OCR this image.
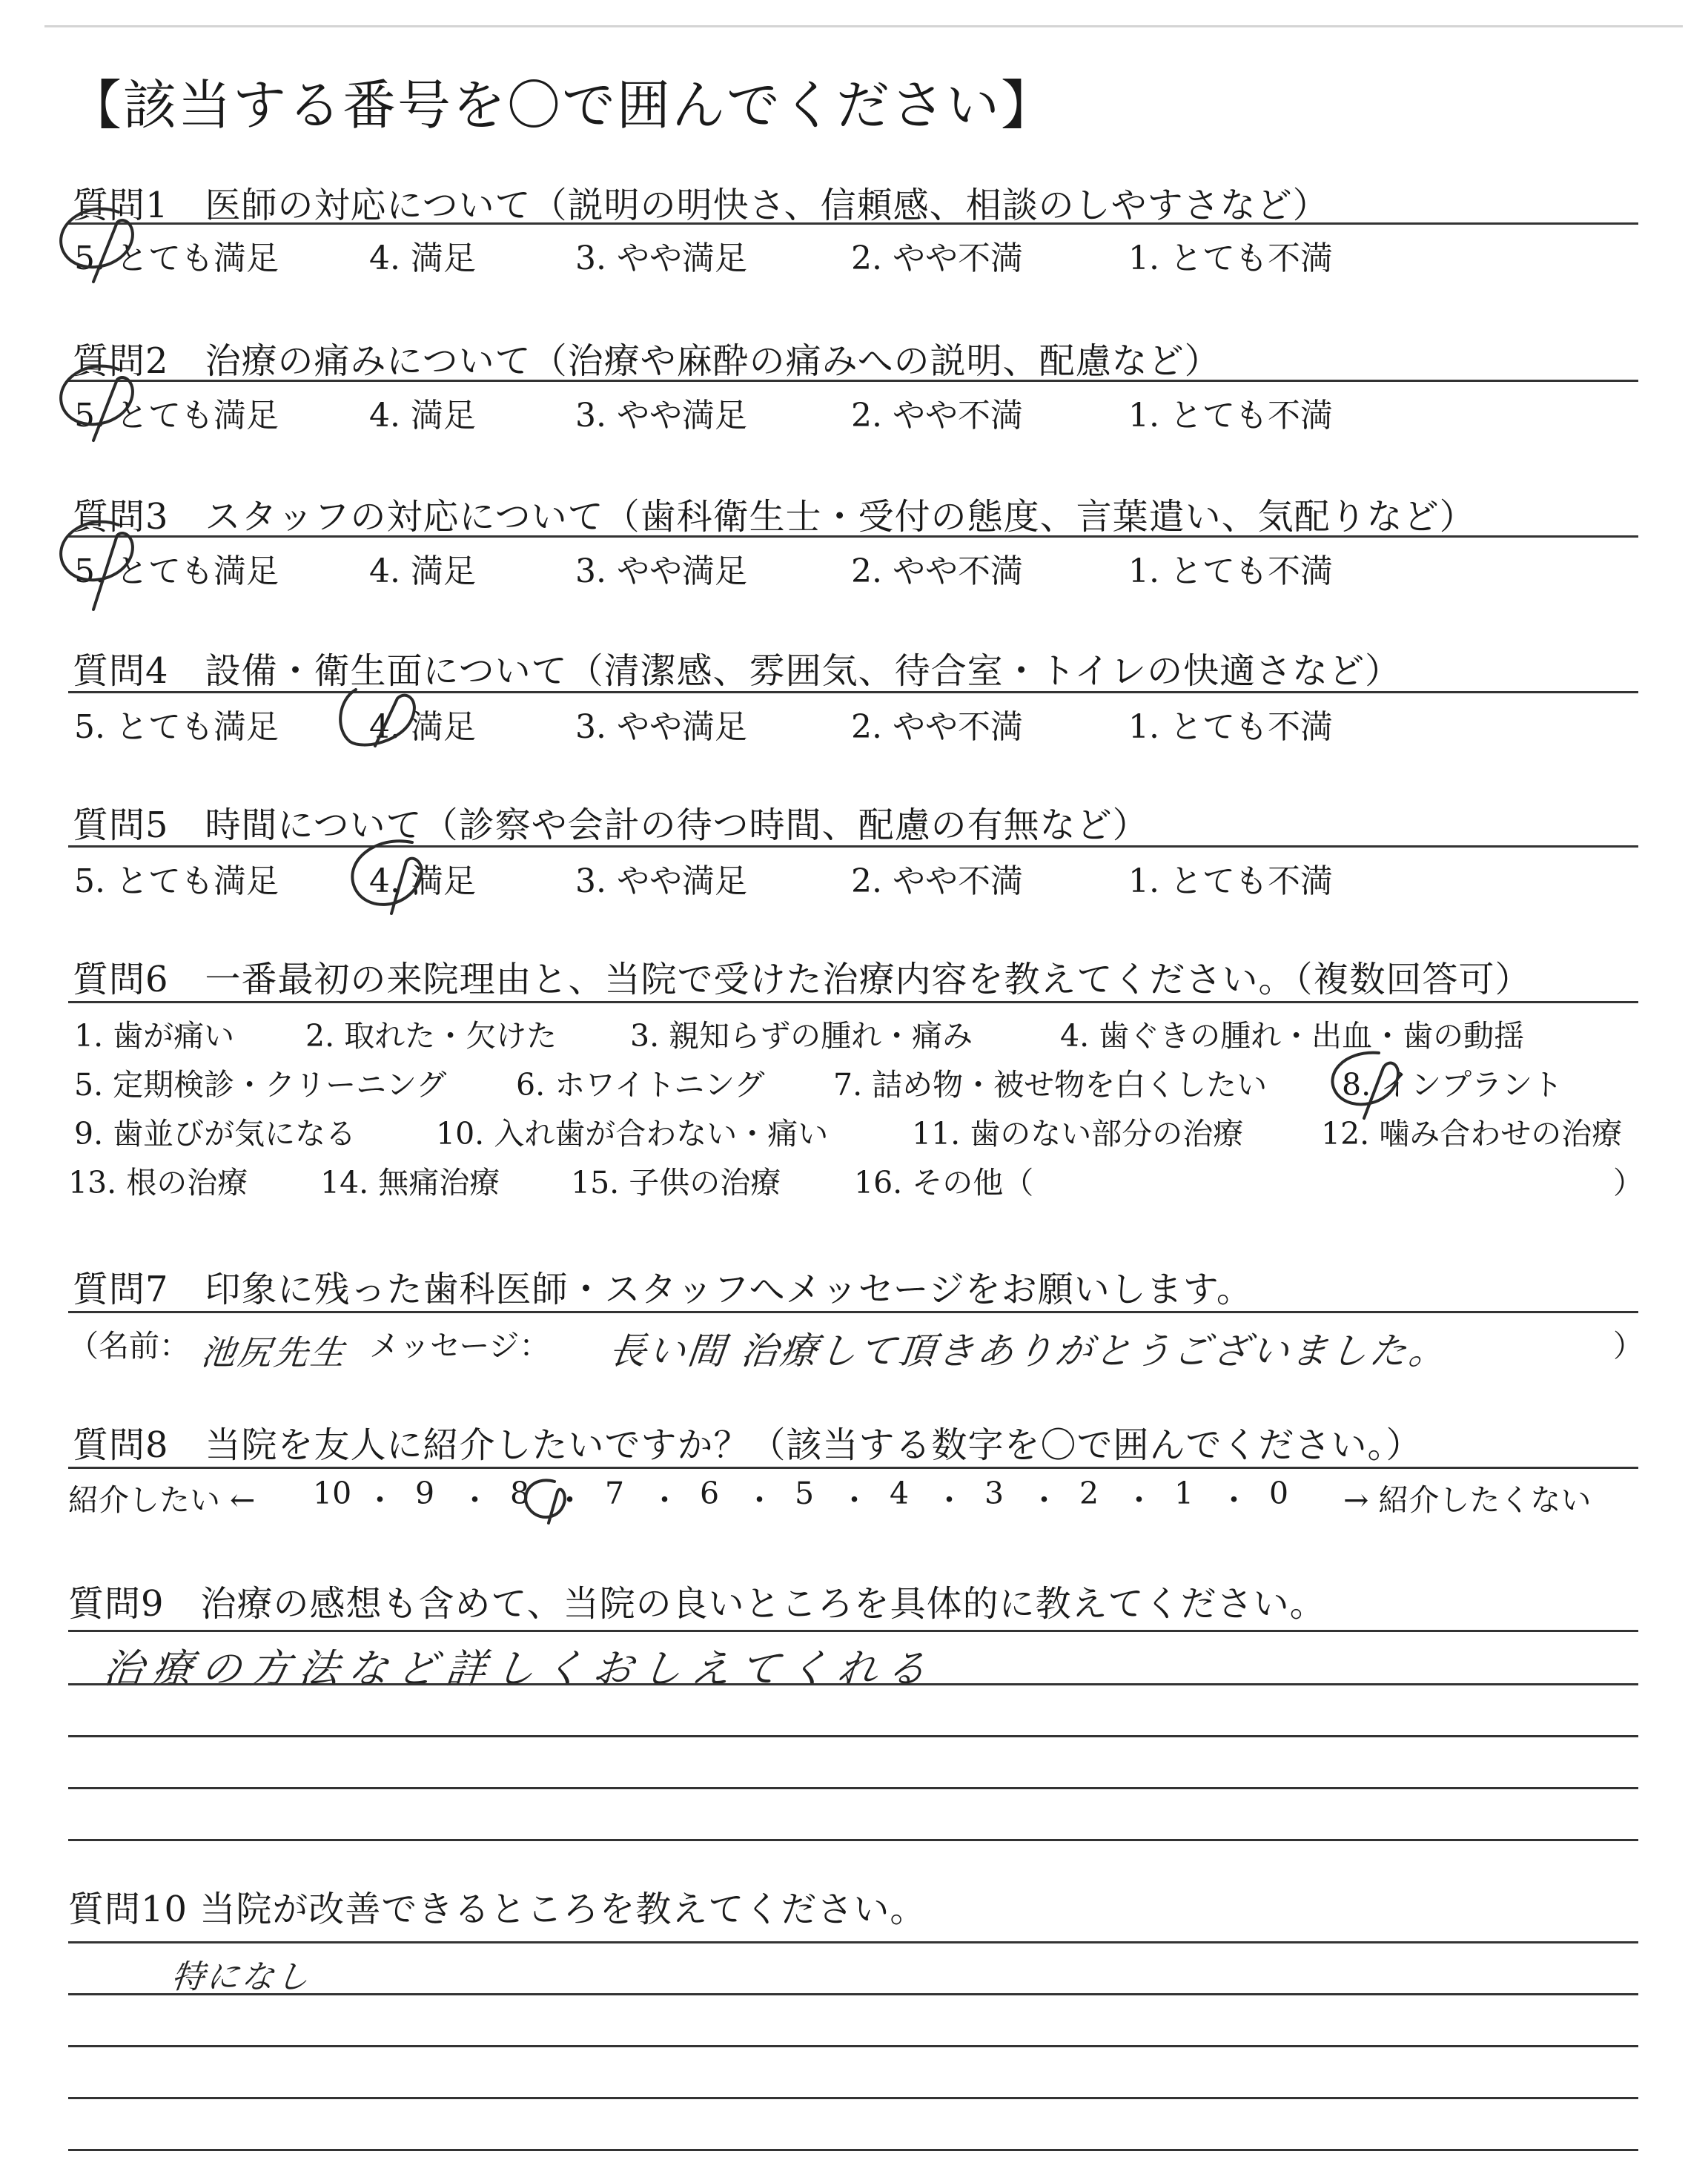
【該当する番号を〇で囲んでください】
質問1　医師の対応について（説明の明快さ、信頼感、相談のしやすさなど）
5. とても満足	4. 満足	3. やや満足	2. やや不満	1. とても不満
質問2　治療の痛みについて（治療や麻酔の痛みへの説明、配慮など）
5. とても満足	4. 満足	3. やや満足	2. やや不満	1. とても不満
質問3　スタッフの対応について（歯科衛生士・受付の態度、言葉遣い、気配りなど）
5. とても満足	4. 満足	3. やや満足	2. やや不満	1. とても不満
質問4　設備・衛生面について（清潔感、雰囲気、待合室・トイレの快適さなど）
5. とても満足	4. 満足	3. やや満足	2. やや不満	1. とても不満
質問5　時間について（診察や会計の待つ時間、配慮の有無など）
5. とても満足	4. 満足	3. やや満足	2. やや不満	1. とても不満
質問6　一番最初の来院理由と、当院で受けた治療内容を教えてください。（複数回答可）
1. 歯が痛い 2. 取れた・欠けた 3. 親知らずの腫れ・痛み	4. 歯ぐきの腫れ・出血・歯の動揺
5. 定期検診・クリーニング 6. ホワイトニング 7. 詰め物・被せ物を白くしたい 8. インプラント
9. 歯並びが気になる	10. 入れ歯が合わない・痛い	11. 歯のない部分の治療	12. 噛み合わせの治療
13. 根の治療 14. 無痛治療 15. 子供の治療 16. その他（	）
質問7　印象に残った歯科医師・スタッフへメッセージをお願いします。
（名前： 池尻先生 メッセージ： 長い間 治療して頂きありがとうございました。	）
質問8　当院を友人に紹介したいですか？（該当する数字を〇で囲んでください。）
紹介したい ← 10 ・ 9 ・ 8 ・ 7 ・ 6 ・ 5 ・ 4 ・ 3 ・ 2 ・ 1 ・ 0 → 紹介したくない
質問9　治療の感想も含めて、当院の良いところを具体的に教えてください。
治療の方法など詳しくおしえてくれる
質問10 当院が改善できるところを教えてください。
特になし
